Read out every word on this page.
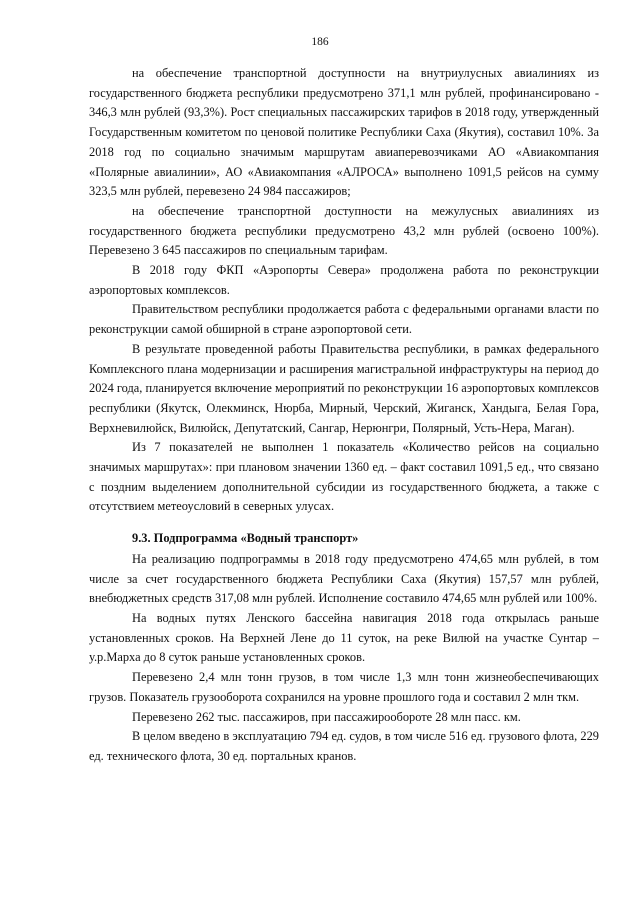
186

на обеспечение транспортной доступности на внутриулусных авиалиниях из государственного бюджета республики предусмотрено 371,1 млн рублей, профинансировано - 346,3 млн рублей (93,3%). Рост специальных пассажирских тарифов в 2018 году, утвержденный Государственным комитетом по ценовой политике Республики Саха (Якутия), составил 10%. За 2018 год по социально значимым маршрутам авиаперевозчиками АО «Авиакомпания «Полярные авиалинии», АО «Авиакомпания «АЛРОСА» выполнено 1091,5 рейсов на сумму 323,5 млн рублей, перевезено 24 984 пассажиров;

на обеспечение транспортной доступности на межулусных авиалиниях из государственного бюджета республики предусмотрено 43,2 млн рублей (освоено 100%). Перевезено 3 645 пассажиров по специальным тарифам.

В 2018 году ФКП «Аэропорты Севера» продолжена работа по реконструкции аэропортовых комплексов.

Правительством республики продолжается работа с федеральными органами власти по реконструкции самой обширной в стране аэропортовой сети.

В результате проведенной работы Правительства республики, в рамках федерального Комплексного плана модернизации и расширения магистральной инфраструктуры на период до 2024 года, планируется включение мероприятий по реконструкции 16 аэропортовых комплексов республики (Якутск, Олекминск, Нюрба, Мирный, Черский, Жиганск, Хандыга, Белая Гора, Верхневилюйск, Вилюйск, Депутатский, Сангар, Нерюнгри, Полярный, Усть-Нера, Маган).

Из 7 показателей не выполнен 1 показатель «Количество рейсов на социально значимых маршрутах»: при плановом значении 1360 ед. – факт составил 1091,5 ед., что связано с поздним выделением дополнительной субсидии из государственного бюджета, а также с отсутствием метеоусловий в северных улусах.

9.3. Подпрограмма «Водный транспорт»

На реализацию подпрограммы в 2018 году предусмотрено 474,65 млн рублей, в том числе за счет государственного бюджета Республики Саха (Якутия) 157,57 млн рублей, внебюджетных средств 317,08 млн рублей. Исполнение составило 474,65 млн рублей или 100%.

На водных путях Ленского бассейна навигация 2018 года открылась раньше установленных сроков. На Верхней Лене до 11 суток, на реке Вилюй на участке Сунтар – у.р.Марха до 8 суток раньше установленных сроков.

Перевезено 2,4 млн тонн грузов, в том числе 1,3 млн тонн жизнеобеспечивающих грузов. Показатель грузооборота сохранился на уровне прошлого года и составил 2 млн ткм.

Перевезено 262 тыс. пассажиров, при пассажирообороте 28 млн пасс. км.

В целом введено в эксплуатацию 794 ед. судов, в том числе 516 ед. грузового флота, 229 ед. технического флота, 30 ед. портальных кранов.
